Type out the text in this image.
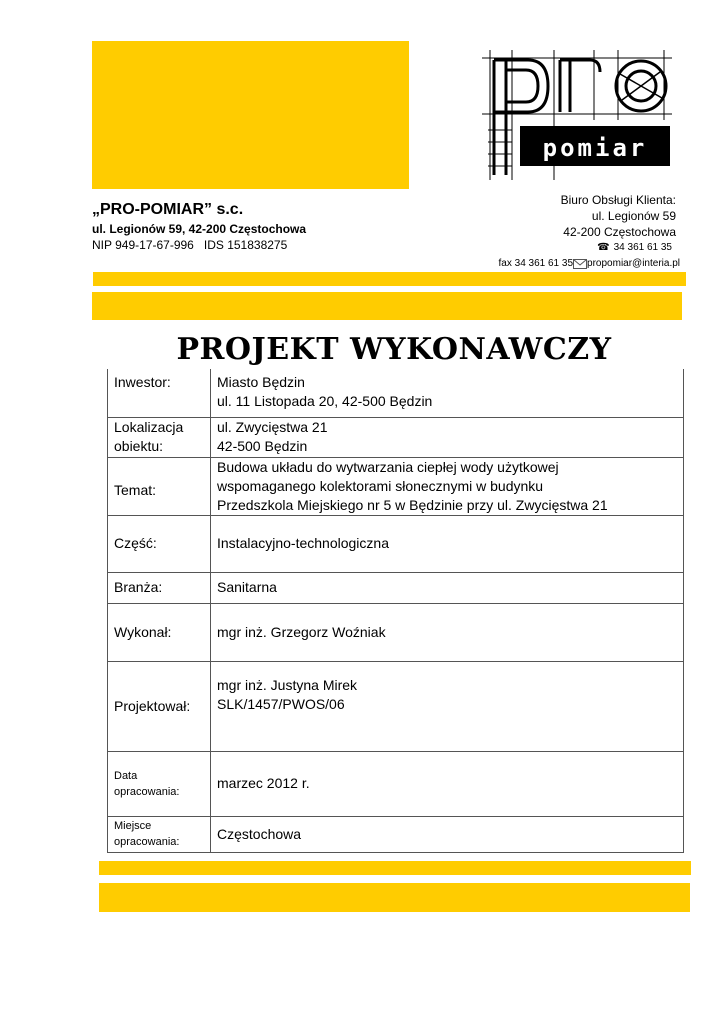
pomiar
„PRO-POMIAR” s.c.
ul. Legionów 59, 42-200 Częstochowa
NIP 949-17-67-996 IDS 151838275
Biuro Obsługi Klienta:
ul. Legionów 59
42-200 Częstochowa
☎ 34 361 61 35
fax 34 361 61 35 propomiar@interia.pl
PROJEKT WYKONAWCZY
Inwestor:	Miasto Będzin
ul. 11 Listopada 20, 42-500 Będzin

Lokalizacja
obiektu:	ul. Zwycięstwa 21
42-500 Będzin

Temat:	Budowa układu do wytwarzania ciepłej wody użytkowej
wspomaganego kolektorami słonecznymi w budynku
Przedszkola Miejskiego nr 5 w Będzinie przy ul. Zwycięstwa 21

Część:	Instalacyjno-technologiczna
Branża:	Sanitarna
Wykonał:	mgr inż. Grzegorz Woźniak
Projektował:	mgr inż. Justyna Mirek
SLK/1457/PWOS/06

Data
opracowania:	marzec 2012 r.

Miejsce
opracowania:	Częstochowa
